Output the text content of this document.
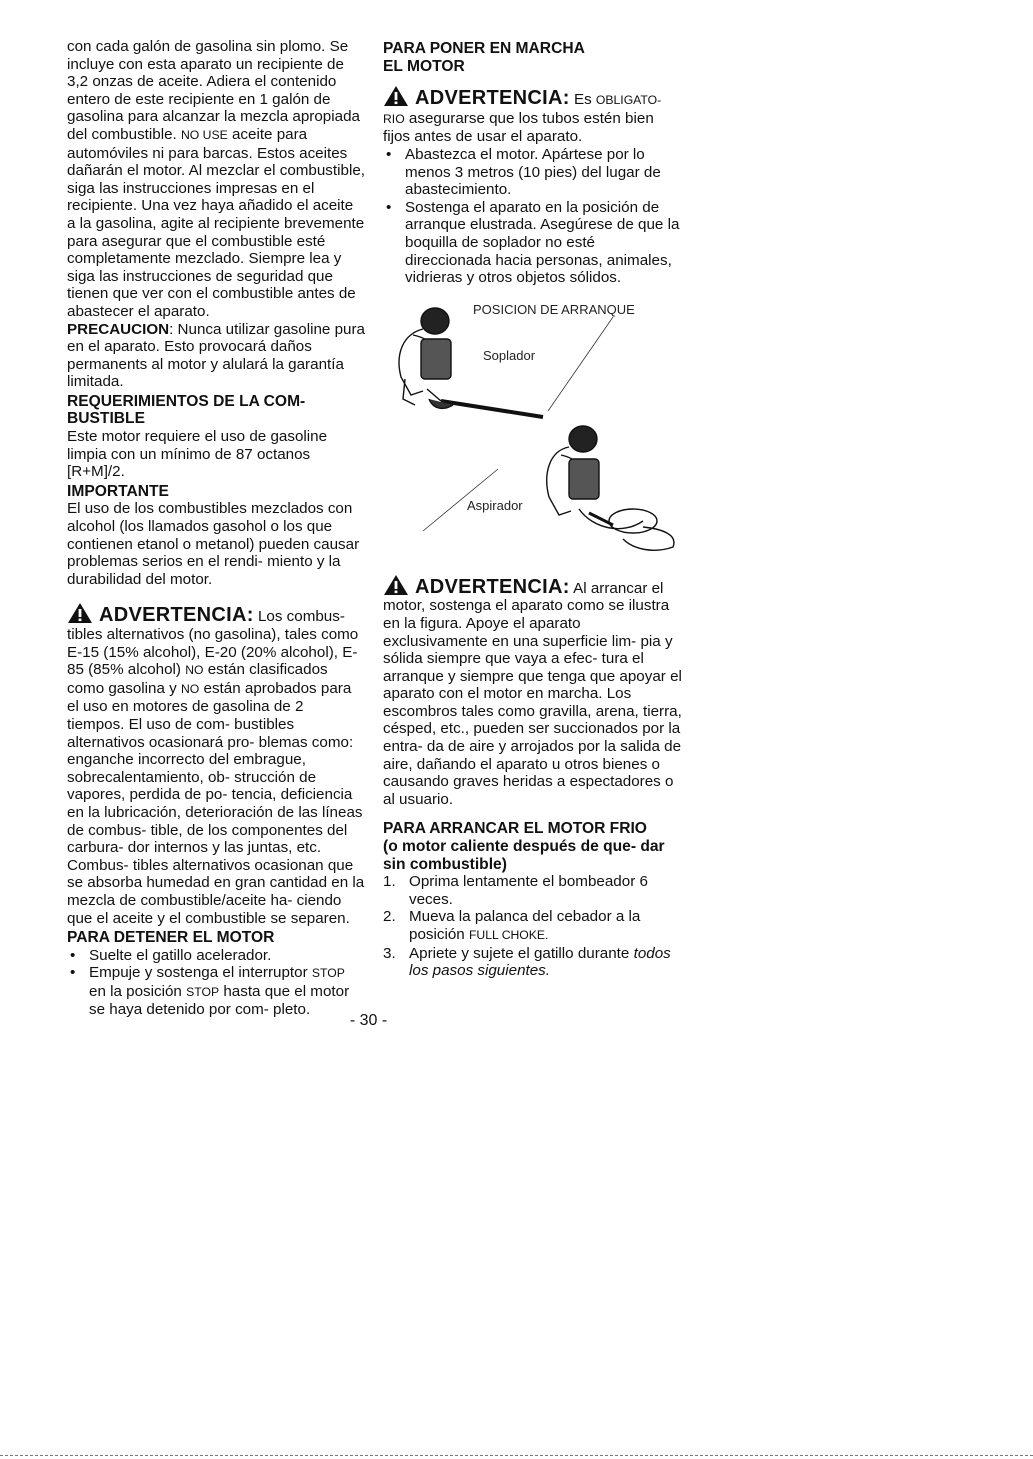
con cada galón de gasolina sin plomo. Se incluye con esta aparato un recipiente de 3,2 onzas de aceite. Adiera el contenido entero de este recipiente en 1 galón de gasolina para alcanzar la mezcla apropiada del combustible. NO USE aceite para automóviles ni para barcas. Estos aceites dañarán el motor. Al mezclar el combustible, siga las instrucciones impresas en el recipiente. Una vez haya añadido el aceite a la gasolina, agite al recipiente brevemente para asegurar que el combustible esté completamente mezclado. Siempre lea y siga las instrucciones de seguridad que tienen que ver con el combustible antes de abastecer el aparato.

PRECAUCION: Nunca utilizar gasoline pura en el aparato. Esto provocará daños permanents al motor y alulará la garantía limitada.

REQUERIMIENTOS DE LA COM-
BUSTIBLE

Este motor requiere el uso de gasoline limpia con un mínimo de 87 octanos [R+M]/2.

IMPORTANTE

El uso de los combustibles mezclados con alcohol (los llamados gasohol o los que contienen etanol o metanol) pueden causar problemas serios en el rendi- miento y la durabilidad del motor.

ADVERTENCIA: Los combus- tibles alternativos (no gasolina), tales como E-15 (15% alcohol), E-20 (20% alcohol), E-85 (85% alcohol) NO están clasificados como gasolina y NO están aprobados para el uso en motores de gasolina de 2 tiempos. El uso de com- bustibles alternativos ocasionará pro- blemas como: enganche incorrecto del embrague, sobrecalentamiento, ob- strucción de vapores, perdida de po- tencia, deficiencia en la lubricación, deterioración de las líneas de combus- tible, de los componentes del carbura- dor internos y las juntas, etc. Combus- tibles alternativos ocasionan que se absorba humedad en gran cantidad en la mezcla de combustible/aceite ha- ciendo que el aceite y el combustible se separen.
PARA DETENER EL MOTOR
• Suelte el gatillo acelerador.
• Empuje y sostenga el interruptor STOP en la posición STOP hasta que el motor se haya detenido por com- pleto.
PARA PONER EN MARCHA
EL MOTOR
ADVERTENCIA: Es OBLIGATO- RIO asegurarse que los tubos estén bien fijos antes de usar el aparato.
• Abastezca el motor. Apártese por lo menos 3 metros (10 pies) del lugar de abastecimiento.
• Sostenga el aparato en la posición de arranque elustrada. Asegúrese de que la boquilla de soplador no esté direccionada hacia personas, animales, vidrieras y otros objetos sólidos.
POSICION DE ARRANQUE
Soplador
Aspirador
ADVERTENCIA: Al arrancar el motor, sostenga el aparato como se ilustra en la figura. Apoye el aparato exclusivamente en una superficie lim- pia y sólida siempre que vaya a efec- tura el arranque y siempre que tenga que apoyar el aparato con el motor en marcha. Los escombros tales como gravilla, arena, tierra, césped, etc., pueden ser succionados por la entra- da de aire y arrojados por la salida de aire, dañando el aparato u otros bienes o causando graves heridas a espectadores o al usuario.
PARA ARRANCAR EL MOTOR FRIO
(o motor caliente después de que- dar sin combustible)
1. Oprima lentamente el bombeador 6 veces.
2. Mueva la palanca del cebador a la posición FULL CHOKE.
3. Apriete y sujete el gatillo durante todos los pasos siguientes.
- 30 -
